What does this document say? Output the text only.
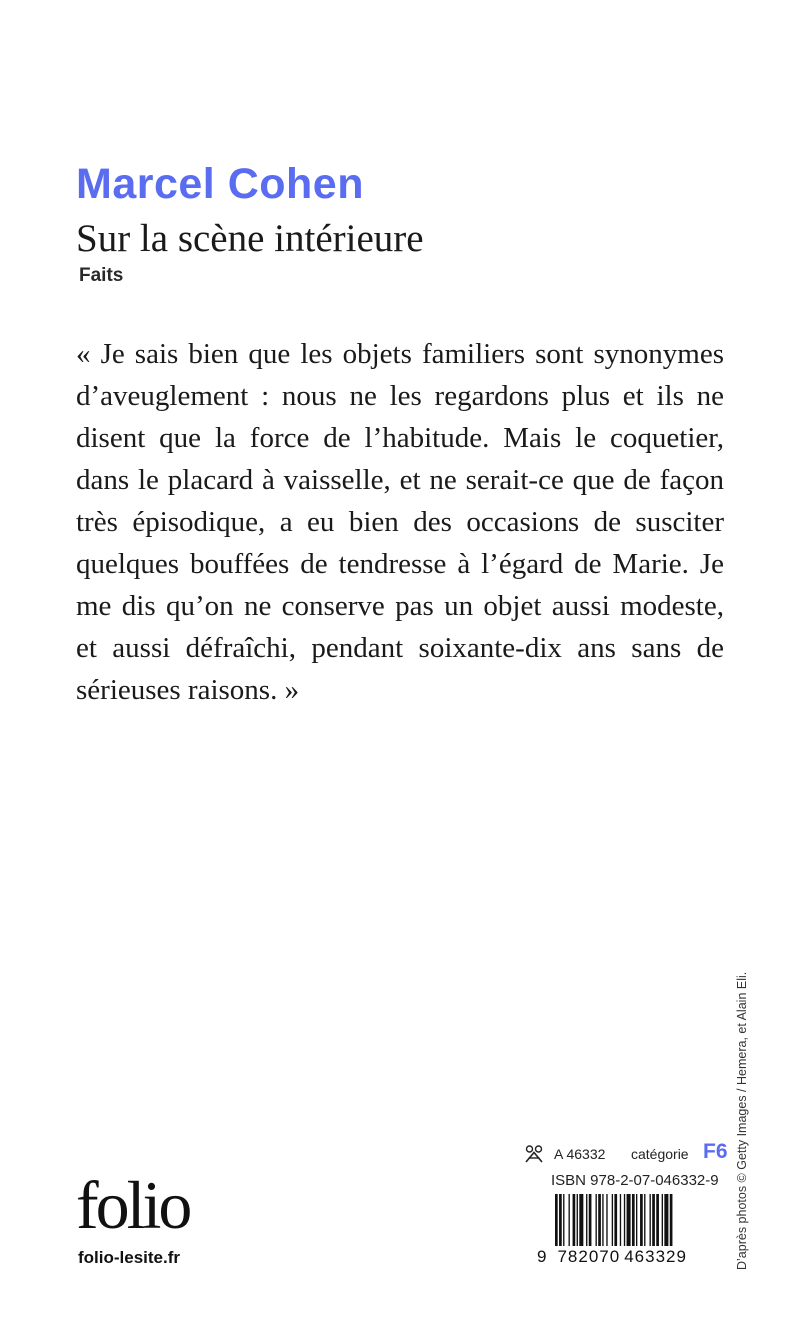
Marcel Cohen
Sur la scène intérieure
Faits

« Je sais bien que les objets familiers sont synonymes d’aveuglement : nous ne les regardons plus et ils ne disent que la force de l’habitude. Mais le coquetier, dans le placard à vaisselle, et ne serait-ce que de façon très épisodique, a eu bien des occasions de susciter quelques bouffées de tendresse à l’égard de Marie. Je me dis qu’on ne conserve pas un objet aussi modeste, et aussi défraîchi, pendant soixante-dix ans sans de sérieuses raisons. »

D’après photos © Getty Images / Hemera, et Alain Eli.
folio
folio-lesite.fr
A 46332 catégorie F6
ISBN 978-2-07-046332-9
9 782070 463329
